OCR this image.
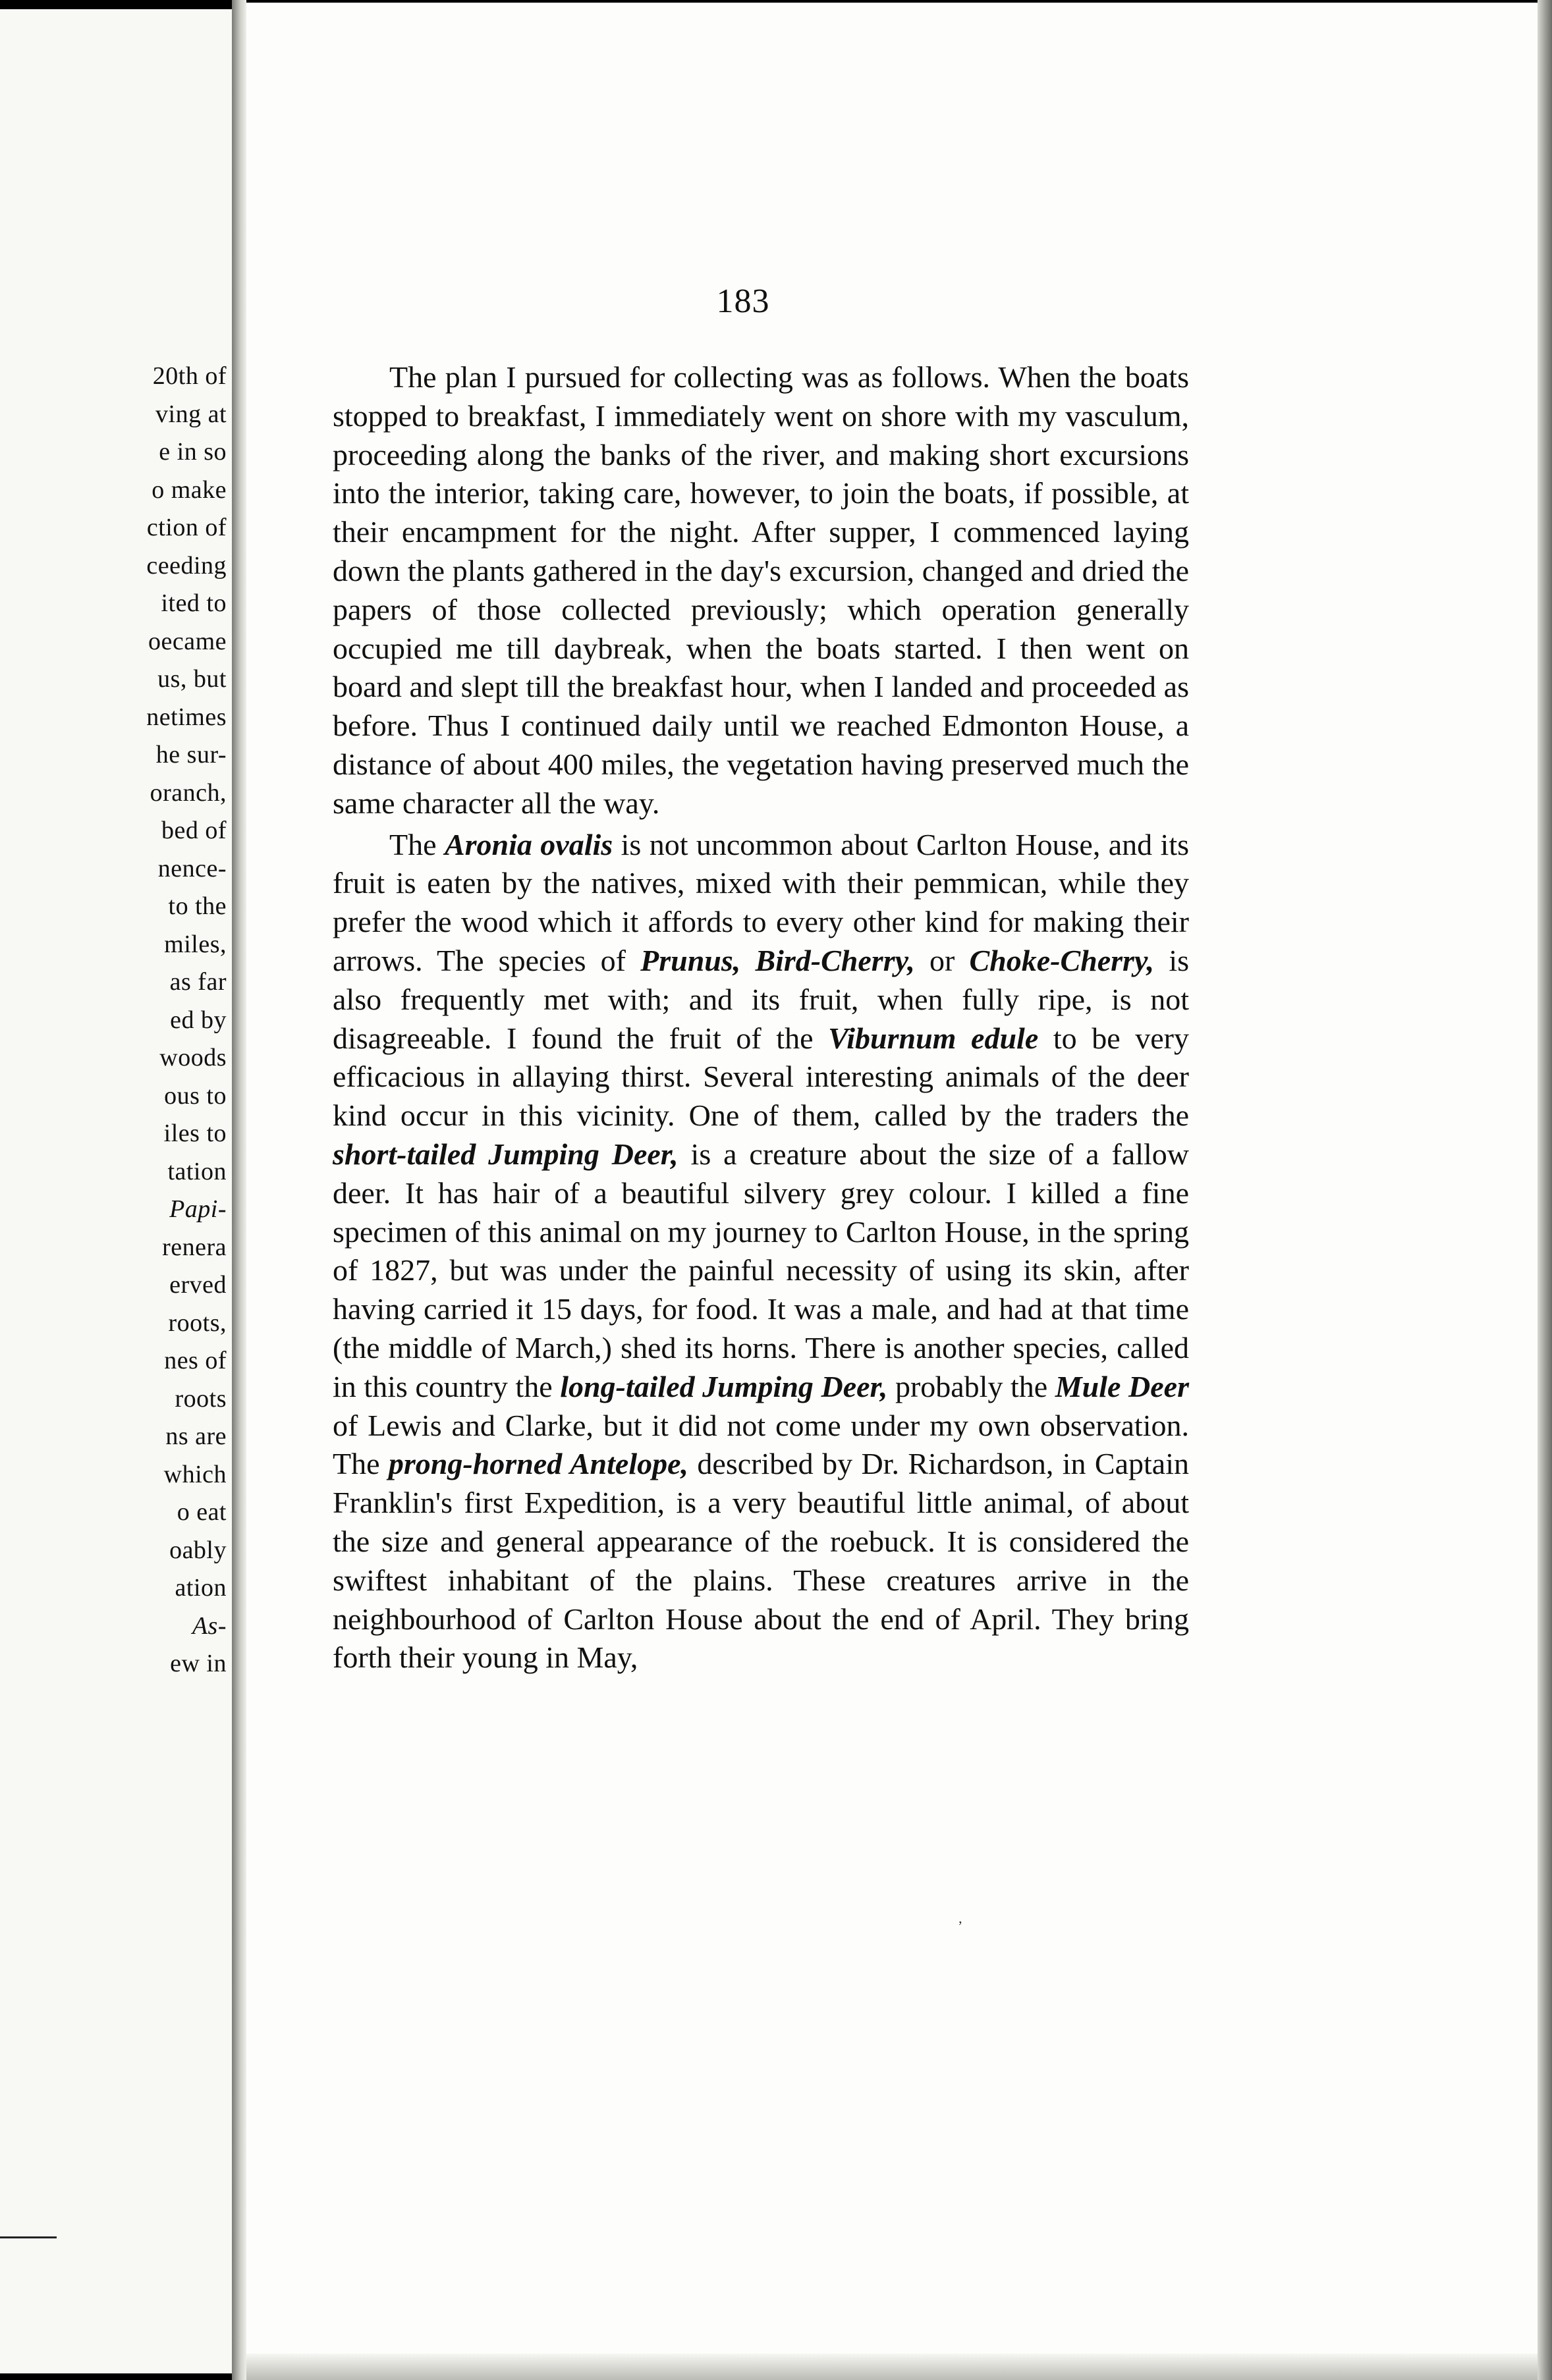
20th of
ving at
e in so
o make
ction of
ceeding
ited to
oecame
us, but
netimes
he sur-
oranch,
bed of
nence-
to the
miles,
as far
ed by
woods
ous to
iles to
tation
Papi-
renera
erved
roots,
nes of
roots
ns are
which
o eat
oably
ation
As-
ew in
183

The plan I pursued for collecting was as follows. When the boats stopped to breakfast, I immediately went on shore with my vasculum, proceeding along the banks of the river, and making short excursions into the interior, taking care, however, to join the boats, if possible, at their encampment for the night. After supper, I commenced laying down the plants gathered in the day's excursion, changed and dried the papers of those collected previously; which operation generally occupied me till daybreak, when the boats started. I then went on board and slept till the breakfast hour, when I landed and proceeded as before. Thus I continued daily until we reached Edmonton House, a distance of about 400 miles, the vegetation having preserved much the same character all the way.

The Aronia ovalis is not uncommon about Carlton House, and its fruit is eaten by the natives, mixed with their pemmican, while they prefer the wood which it affords to every other kind for making their arrows. The species of Prunus, Bird-Cherry, or Choke-Cherry, is also frequently met with; and its fruit, when fully ripe, is not disagreeable. I found the fruit of the Viburnum edule to be very efficacious in allaying thirst. Several interesting animals of the deer kind occur in this vicinity. One of them, called by the traders the short-tailed Jumping Deer, is a creature about the size of a fallow deer. It has hair of a beautiful silvery grey colour. I killed a fine specimen of this animal on my journey to Carlton House, in the spring of 1827, but was under the painful necessity of using its skin, after having carried it 15 days, for food. It was a male, and had at that time (the middle of March,) shed its horns. There is another species, called in this country the long-tailed Jumping Deer, probably the Mule Deer of Lewis and Clarke, but it did not come under my own observation. The prong-horned Antelope, described by Dr. Richardson, in Captain Franklin's first Expedition, is a very beautiful little animal, of about the size and general appearance of the roebuck. It is considered the swiftest inhabitant of the plains. These creatures arrive in the neighbourhood of Carlton House about the end of April. They bring forth their young in May,

’
